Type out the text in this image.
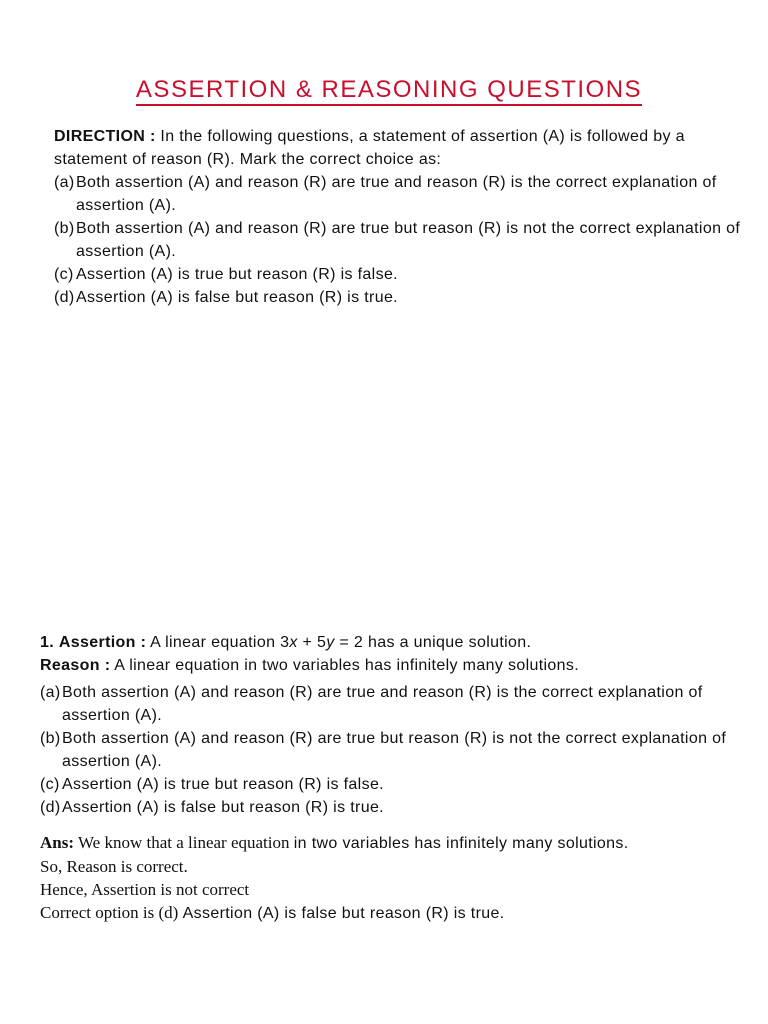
ASSERTION & REASONING QUESTIONS
DIRECTION : In the following questions, a statement of assertion (A) is followed by a statement of reason (R). Mark the correct choice as:
(a) Both assertion (A) and reason (R) are true and reason (R) is the correct explanation of assertion (A).
(b) Both assertion (A) and reason (R) are true but reason (R) is not the correct explanation of assertion (A).
(c) Assertion (A) is true but reason (R) is false.
(d) Assertion (A) is false but reason (R) is true.
1. Assertion : A linear equation 3x + 5y = 2 has a unique solution.
Reason : A linear equation in two variables has infinitely many solutions.
(a) Both assertion (A) and reason (R) are true and reason (R) is the correct explanation of assertion (A).
(b) Both assertion (A) and reason (R) are true but reason (R) is not the correct explanation of assertion (A).
(c) Assertion (A) is true but reason (R) is false.
(d) Assertion (A) is false but reason (R) is true.
Ans: We know that a linear equation in two variables has infinitely many solutions.
So, Reason is correct.
Hence, Assertion is not correct
Correct option is (d) Assertion (A) is false but reason (R) is true.
